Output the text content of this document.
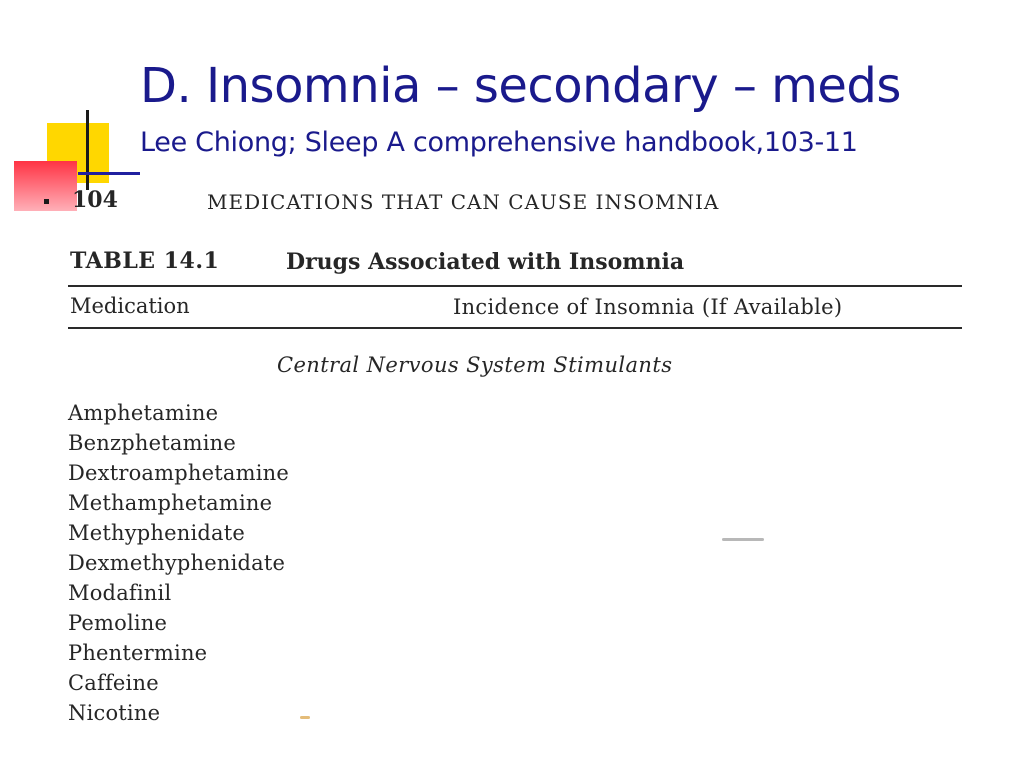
D. Insomnia – secondary – meds
Lee Chiong; Sleep A comprehensive handbook,103-11
104	MEDICATIONS THAT CAN CAUSE INSOMNIA
TABLE 14.1	Drugs Associated with Insomnia
Medication	Incidence of Insomnia (If Available)
Central Nervous System Stimulants
Amphetamine
Benzphetamine
Dextroamphetamine
Methamphetamine
Methyphenidate
Dexmethyphenidate
Modafinil
Pemoline
Phentermine
Caffeine
Nicotine
